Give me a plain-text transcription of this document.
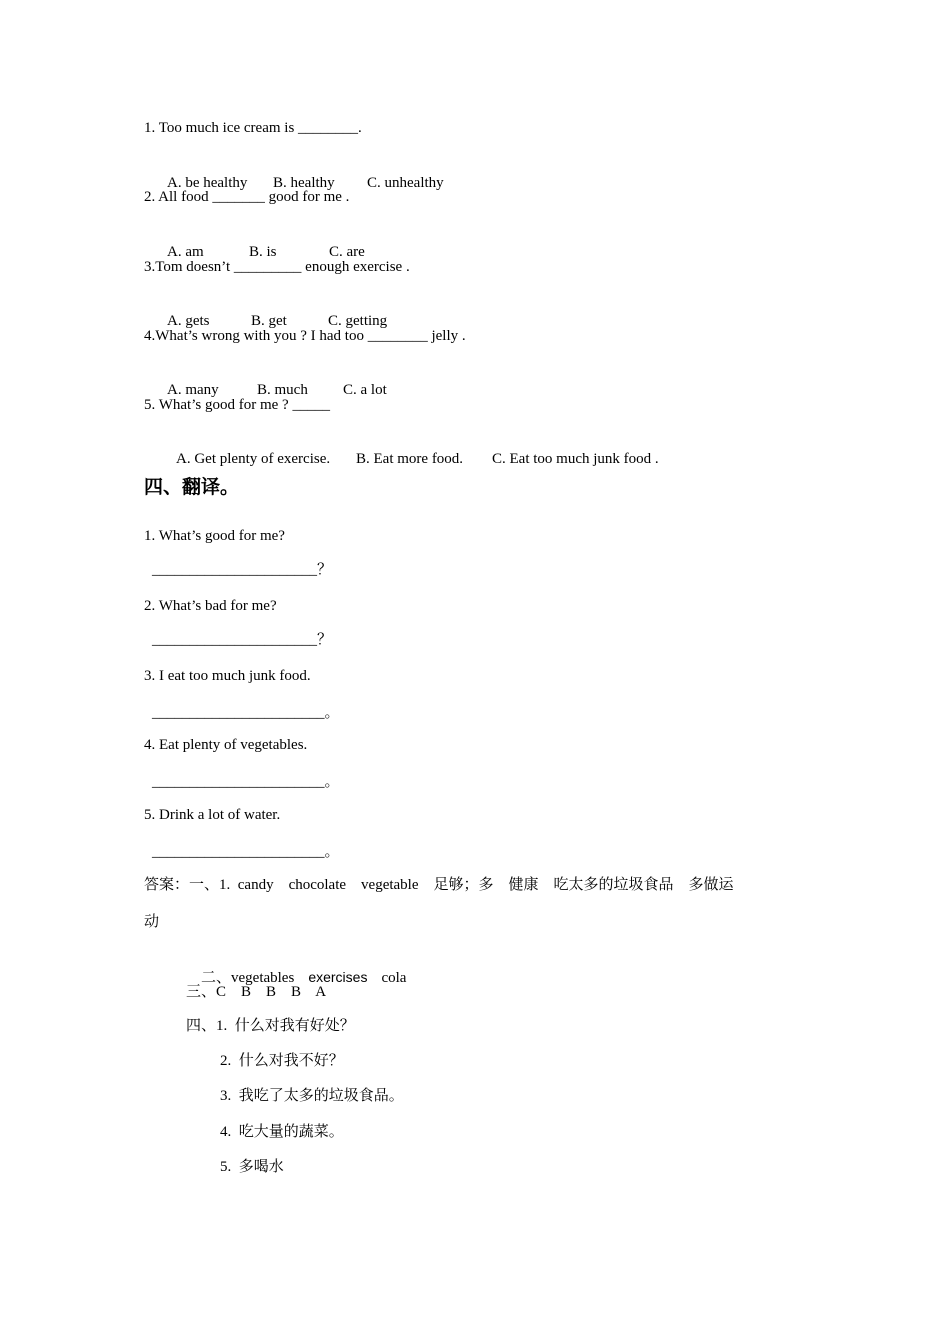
1. Too much ice cream is ________.

A. be healthy B. healthy C. unhealthy

2. All food _______ good for me .

A. am	B. is	C. are

3.Tom doesn’t _________ enough exercise .

A. gets	B. get	C. getting

4.What’s wrong with you ? I had too ________ jelly .

A. many	B. much C. a lot

5. What’s good for me ? _____

A. Get plenty of exercise. B. Eat more food. C. Eat too much junk food .

四、翻译。
1. What’s good for me?
______________________？
2. What’s bad for me?
______________________？
3. I eat too much junk food.
_______________________。
4. Eat plenty of vegetables.
_______________________。
5. Drink a lot of water.
_______________________。
答案：一、1.  candy    chocolate    vegetable    足够；多    健康    吃太多的垃圾食品    多做运
动

二、vegetables exercises cola

三、C    B    B    B    A
四、1.  什么对我有好处？
2.  什么对我不好？
3.  我吃了太多的垃圾食品。
4.  吃大量的蔬菜。
5.  多喝水
